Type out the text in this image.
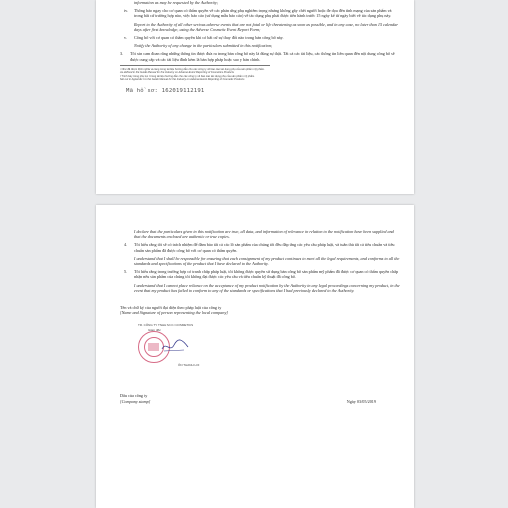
information as may be requested by the Authority;

iv. Thông báo ngay cho cơ quan có thẩm quyền về các phản ứng phụ nghiêm trọng nhưng không gây chết người hoặc đe dọa đến tính mạng của sản phẩm và trong bất cứ trường hợp nào, việc báo cáo (sử dụng mẫu báo cáo) về tác dụng phụ phải được tiến hành trước 15 ngày kể từ ngày biết về tác dụng phụ này.

Report to the Authority of all other serious adverse events that are not fatal or life threatening as soon as possible, and in any case, no later than 15 calendar days after first knowledge, using the Adverse Cosmetic Event Report Form;

v. Công bố với cơ quan có thẩm quyền khi có bất cứ sự thay đổi nào trong bản công bố này.

Notify the Authority of any change in the particulars submitted in this notification;

3. Tôi xin cam đoan rằng những thông tin được đưa ra trong bản công bố này là đúng sự thật. Tất cả các tài liệu, các thông tin liên quan đến nội dung công bố sẽ được cung cấp và các tài liệu đính kèm là bản hợp pháp hoặc sao y bản chính.

¹ Như đã được định nghĩa và ràng trong tài liệu hướng dẫn cho các công ty về báo cáo tác dụng phụ của sản phẩm mỹ phẩm.

As defined in the Guide Manual for the Industry on Adverse Event Reporting of Cosmetics Products

² Trình bày trong phụ lục I trong tài liệu hướng dẫn cho các công ty về báo cáo tác dụng phụ của sản phẩm mỹ phẩm.

Set out in Appendix I to the Guide Manual for the Industry on Adverse Event Reporting of Cosmetic Products

Mã hồ sơ: 162019112191

I declare that the particulars given in this notification are true, all data, and information of relevance in relation to the notification have been supplied and that the documents enclosed are authentic or true copies.

4. Tôi hiểu rằng tôi sẽ có trách nhiệm để đảm bảo tất cả các lô sản phẩm của chúng tôi đều đáp ứng các yêu cầu pháp luật, và tuân thủ tất cả tiêu chuẩn và tiêu chuẩn sản phẩm đã được công bố với cơ quan có thẩm quyền.

I understand that I shall be responsible for ensuring that each consignment of my product continues to meet all the legal requirements, and conforms to all the standards and specifications of the product that I have declared to the Authority.

5. Tôi hiểu rằng trong trường hợp có tranh chấp pháp luật, tôi không được quyền sử dụng bản công bố sản phẩm mỹ phẩm đã được cơ quan có thẩm quyền chấp nhận nếu sản phẩm của chúng tôi không đạt được các yêu cầu và tiêu chuẩn kỹ thuật đã công bố.

I understand that I cannot place reliance on the acceptance of my product notification by the Authority in any legal proceedings concerning my product, in the event that my product has failed to conform to any of the standards or specifications that I had previously declared to the Authority.

Tên và chữ ký của người đại diện theo pháp luật của công ty

[Name and Signature of person representing the local company]

TR. CÔNG TY TNHH M.O.I COSMETICS
Giám đốc
ÔN THANH LOI

Dấu của công ty

[Company stamp]	Ngày 03/05/2019
